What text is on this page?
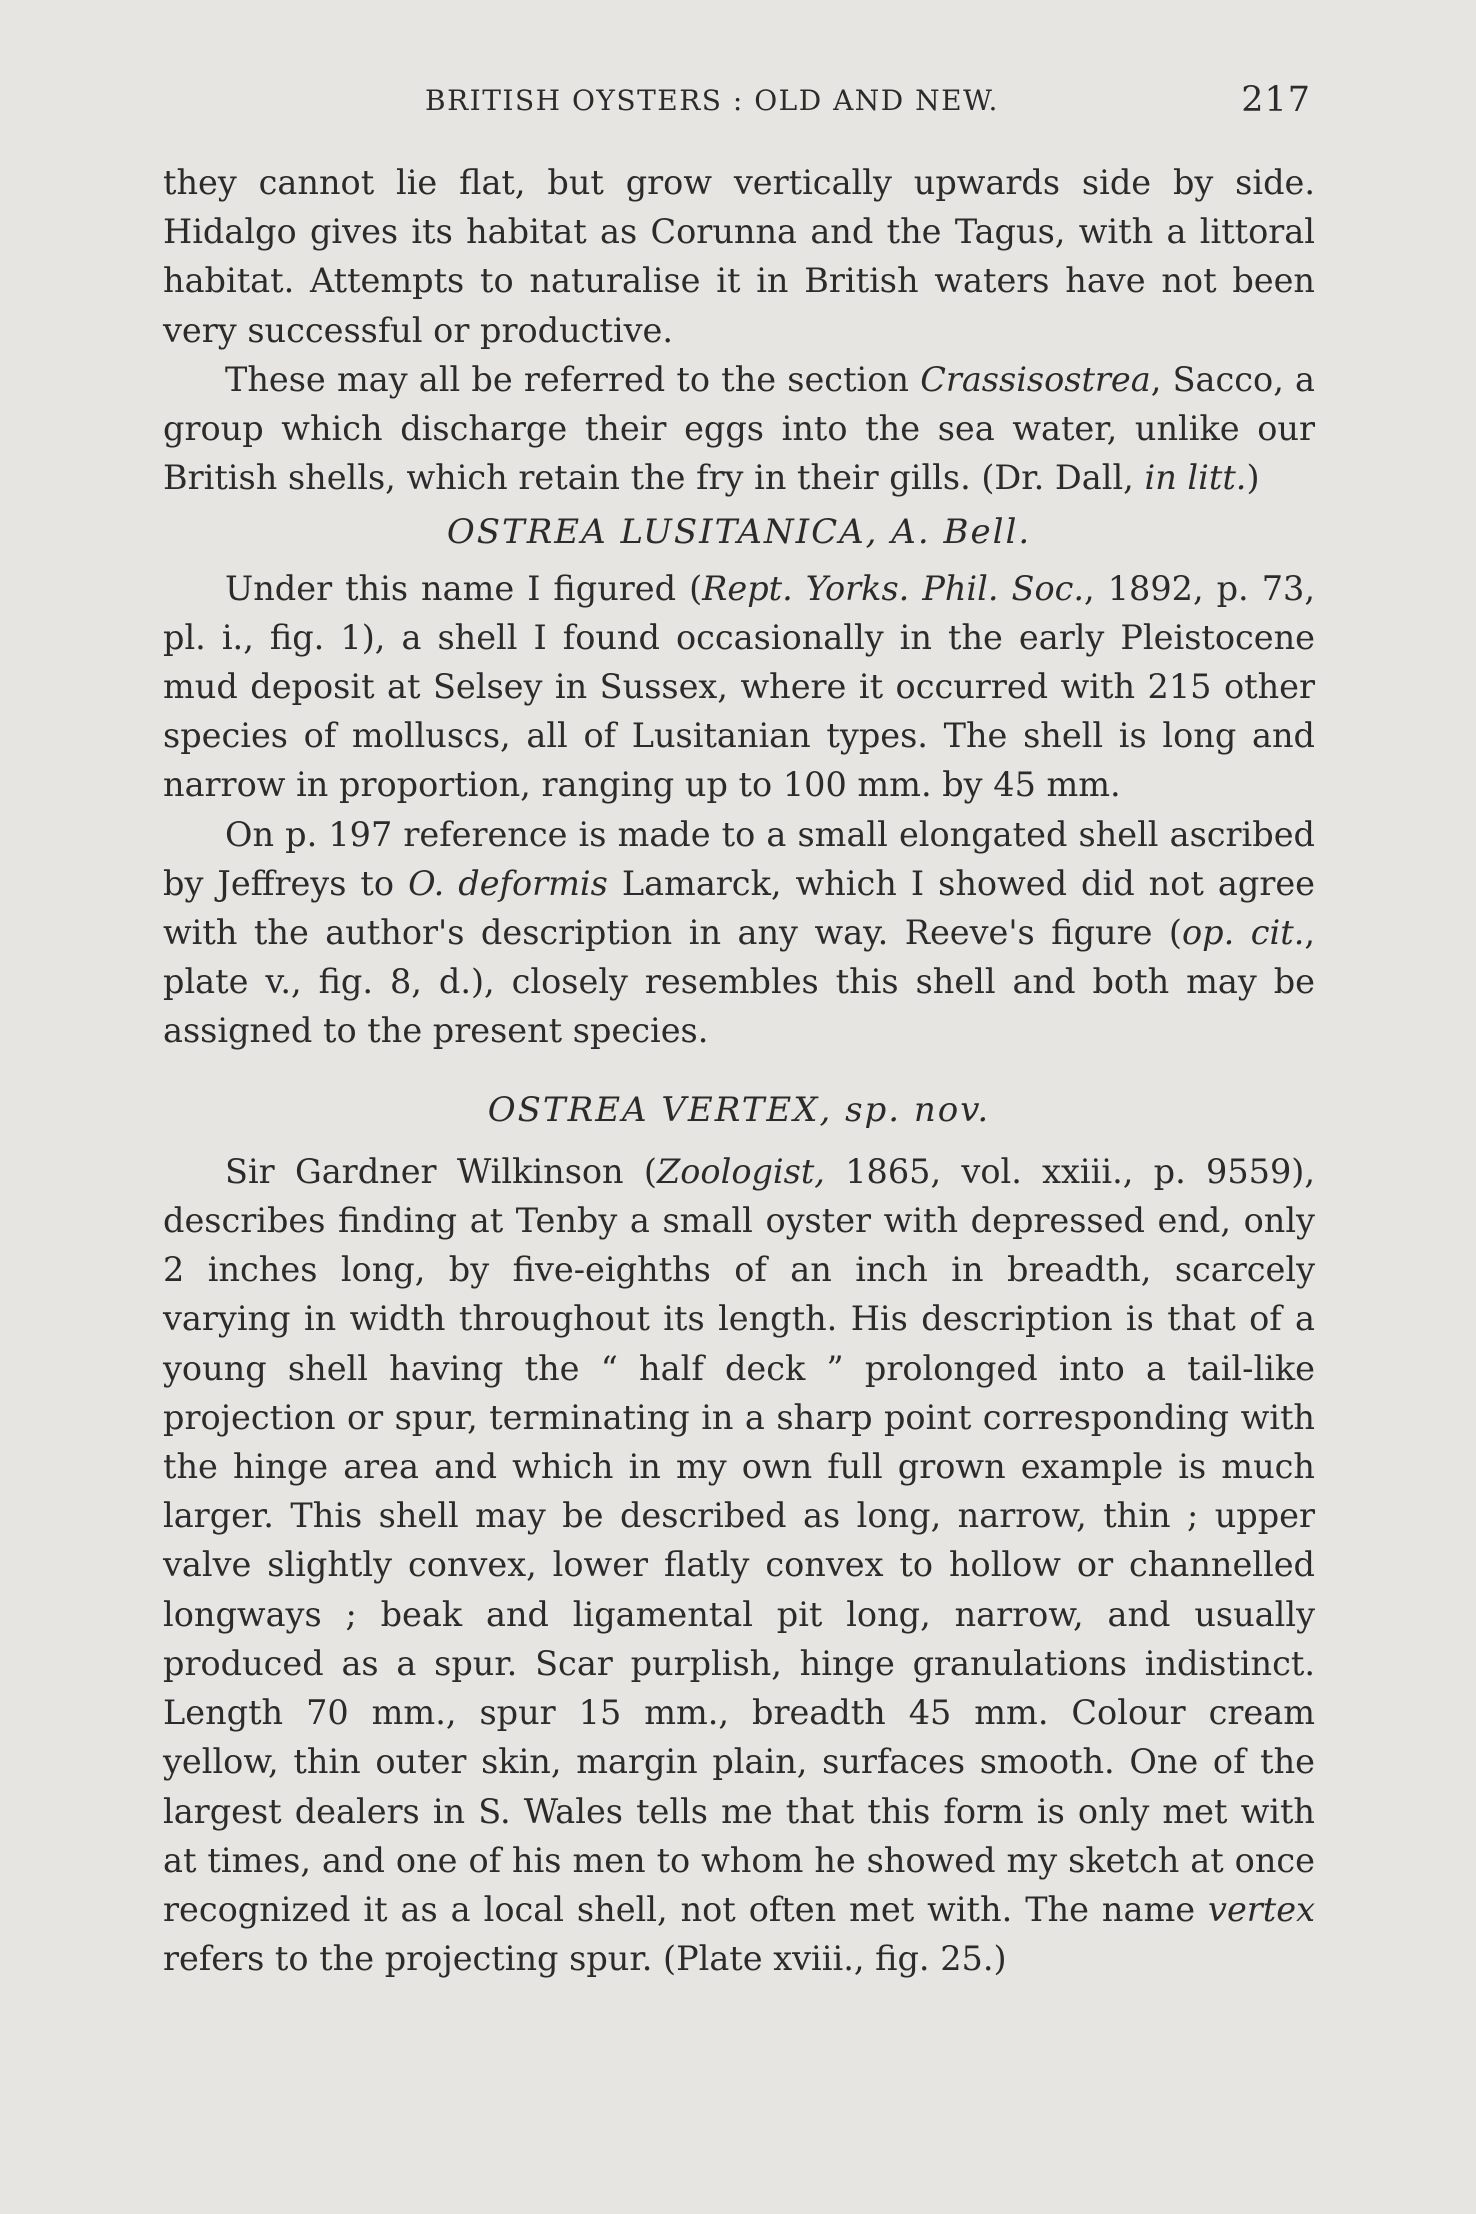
BRITISH OYSTERS : OLD AND NEW.	217

they cannot lie flat, but grow vertically upwards side by side. Hidalgo gives its habitat as Corunna and the Tagus, with a littoral habitat. Attempts to naturalise it in British waters have not been very successful or productive.

These may all be referred to the section Crassisostrea, Sacco, a group which discharge their eggs into the sea water, unlike our British shells, which retain the fry in their gills. (Dr. Dall, in litt.)

OSTREA LUSITANICA, A. Bell.

Under this name I figured (Rept. Yorks. Phil. Soc., 1892, p. 73, pl. i., fig. 1), a shell I found occasionally in the early Pleistocene mud deposit at Selsey in Sussex, where it occurred with 215 other species of molluscs, all of Lusitanian types. The shell is long and narrow in proportion, ranging up to 100 mm. by 45 mm.

On p. 197 reference is made to a small elongated shell ascribed by Jeffreys to O. deformis Lamarck, which I showed did not agree with the author's description in any way. Reeve's figure (op. cit., plate v., fig. 8, d.), closely resembles this shell and both may be assigned to the present species.

OSTREA VERTEX, sp. nov.

Sir Gardner Wilkinson (Zoologist, 1865, vol. xxiii., p. 9559), describes finding at Tenby a small oyster with depressed end, only 2 inches long, by five-eighths of an inch in breadth, scarcely varying in width throughout its length. His description is that of a young shell having the “ half deck ” prolonged into a tail-like projection or spur, terminating in a sharp point corresponding with the hinge area and which in my own full grown example is much larger. This shell may be described as long, narrow, thin ; upper valve slightly convex, lower flatly convex to hollow or channelled longways ; beak and ligamental pit long, narrow, and usually produced as a spur. Scar purplish, hinge granulations indistinct. Length 70 mm., spur 15 mm., breadth 45 mm. Colour cream yellow, thin outer skin, margin plain, surfaces smooth. One of the largest dealers in S. Wales tells me that this form is only met with at times, and one of his men to whom he showed my sketch at once recognized it as a local shell, not often met with. The name vertex refers to the projecting spur. (Plate xviii., fig. 25.)
